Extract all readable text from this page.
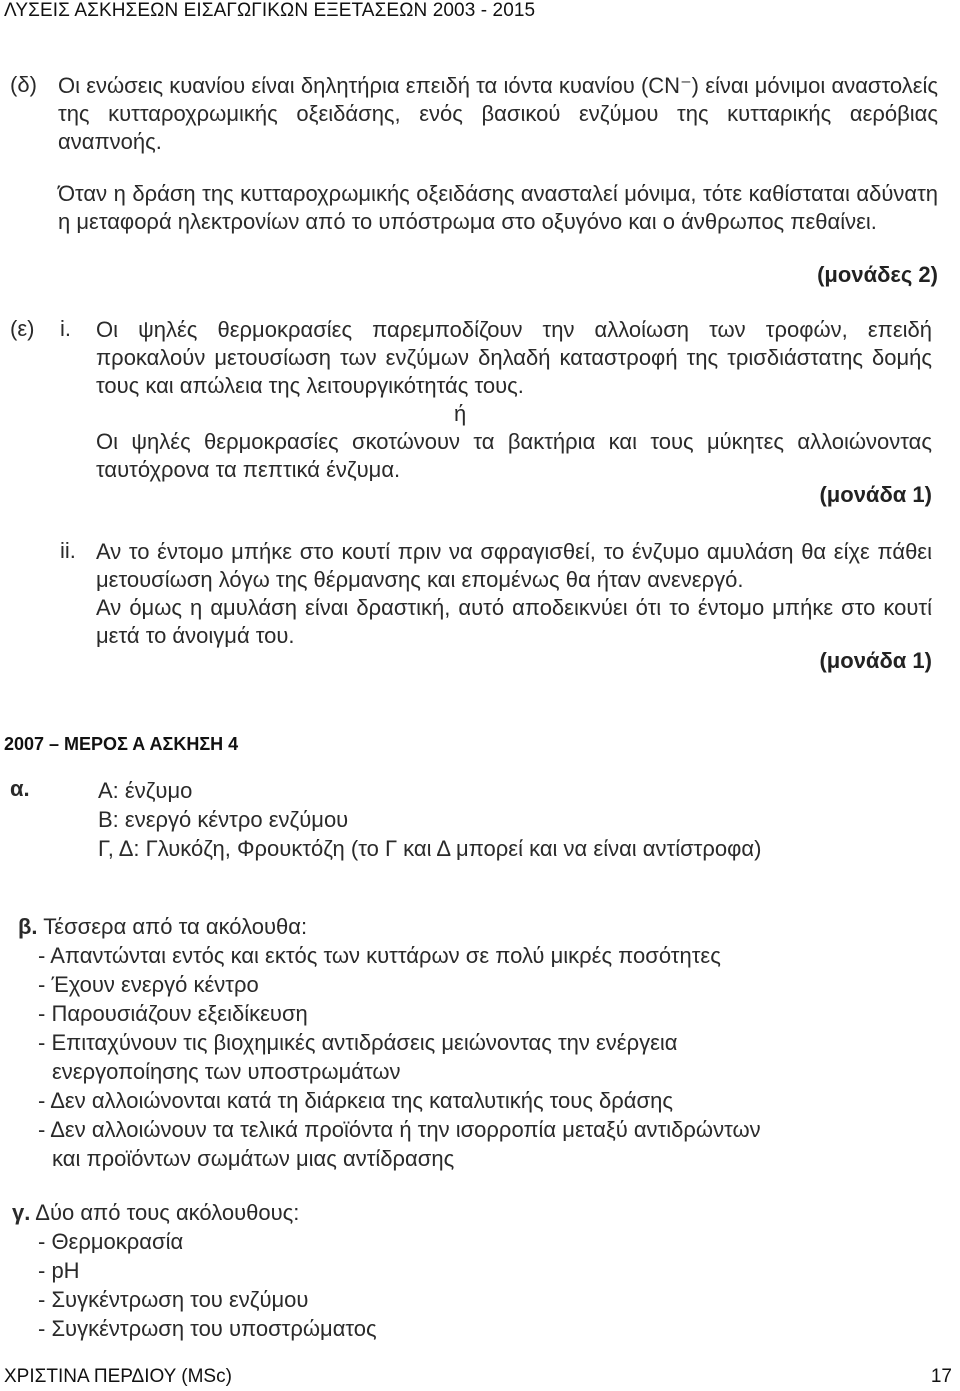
ΛΥΣΕΙΣ ΑΣΚΗΣΕΩΝ ΕΙΣΑΓΩΓΙΚΩΝ ΕΞΕΤΑΣΕΩΝ 2003 - 2015
(δ) Οι ενώσεις κυανίου είναι δηλητήρια επειδή τα ιόντα κυανίου (CN⁻) είναι μόνιμοι αναστολείς της κυτταροχρωμικής οξειδάσης, ενός βασικού ενζύμου της κυτταρικής αερόβιας αναπνοής.
Όταν η δράση της κυτταροχρωμικής οξειδάσης ανασταλεί μόνιμα, τότε καθίσταται αδύνατη η μεταφορά ηλεκτρονίων από το υπόστρωμα στο οξυγόνο και ο άνθρωπος πεθαίνει.
(μονάδες 2)
(ε) i. Οι ψηλές θερμοκρασίες παρεμποδίζουν την αλλοίωση των τροφών, επειδή προκαλούν μετουσίωση των ενζύμων δηλαδή καταστροφή της τρισδιάστατης δομής τους και απώλεια της λειτουργικότητάς τους.
ή
Οι ψηλές θερμοκρασίες σκοτώνουν τα βακτήρια και τους μύκητες αλλοιώνοντας ταυτόχρονα τα πεπτικά ένζυμα.
(μονάδα 1)
ii. Αν το έντομο μπήκε στο κουτί πριν να σφραγισθεί, το ένζυμο αμυλάση θα είχε πάθει μετουσίωση λόγω της θέρμανσης και επομένως θα ήταν ανενεργό.
Αν όμως η αμυλάση είναι δραστική, αυτό αποδεικνύει ότι το έντομο μπήκε στο κουτί μετά το άνοιγμά του.
(μονάδα 1)
2007 – ΜΕΡΟΣ Α ΑΣΚΗΣΗ 4
α.	Α: ένζυμο
Β: ενεργό κέντρο ενζύμου
Γ, Δ: Γλυκόζη, Φρουκτόζη (το Γ και Δ μπορεί και να είναι αντίστροφα)
β. Τέσσερα από τα ακόλουθα:
- Απαντώνται εντός και εκτός των κυττάρων σε πολύ μικρές ποσότητες
- Έχουν ενεργό κέντρο
- Παρουσιάζουν εξειδίκευση
- Επιταχύνουν τις βιοχημικές αντιδράσεις μειώνοντας την ενέργεια
ενεργοποίησης των υποστρωμάτων
- Δεν αλλοιώνονται κατά τη διάρκεια της καταλυτικής τους δράσης
- Δεν αλλοιώνουν τα τελικά προϊόντα ή την ισορροπία μεταξύ αντιδρώντων
και προϊόντων σωμάτων μιας αντίδρασης
γ. Δύο από τους ακόλουθους:
- Θερμοκρασία
- pH
- Συγκέντρωση του ενζύμου
- Συγκέντρωση του υποστρώματος
ΧΡΙΣΤΙΝΑ ΠΕΡΔΙΟΥ (MSc)	17
